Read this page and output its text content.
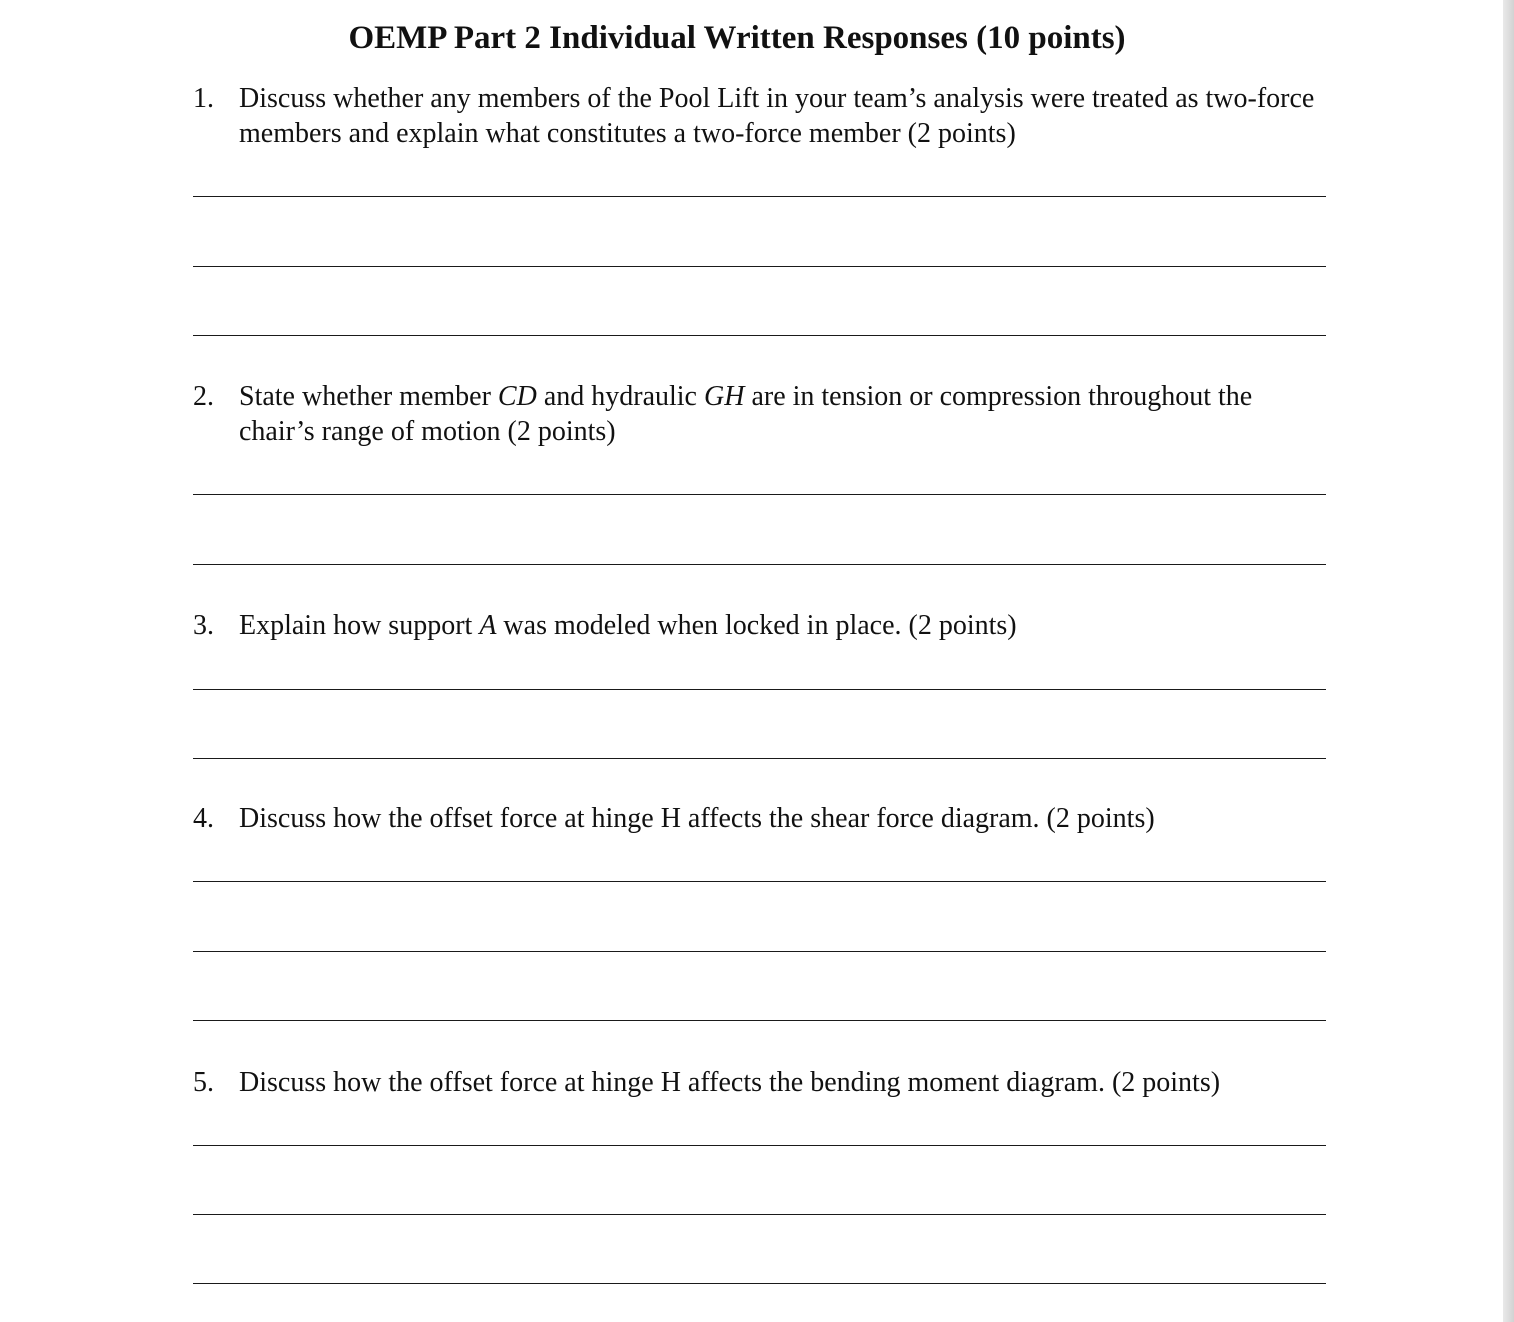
OEMP Part 2 Individual Written Responses (10 points)
1. Discuss whether any members of the Pool Lift in your team’s analysis were treated as two-force members and explain what constitutes a two-force member (2 points)
2. State whether member CD and hydraulic GH are in tension or compression throughout the chair’s range of motion (2 points)
3. Explain how support A was modeled when locked in place. (2 points)
4. Discuss how the offset force at hinge H affects the shear force diagram. (2 points)
5. Discuss how the offset force at hinge H affects the bending moment diagram. (2 points)
